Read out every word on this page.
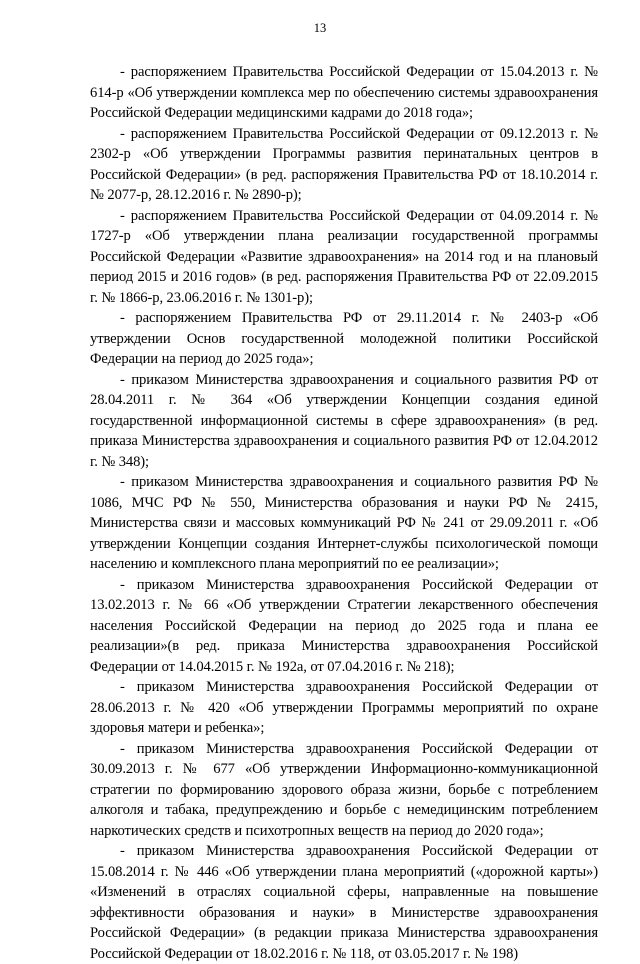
13

- распоряжением Правительства Российской Федерации от 15.04.2013 г. № 614-р «Об утверждении комплекса мер по обеспечению системы здравоохранения Российской Федерации медицинскими кадрами до 2018 года»;

- распоряжением Правительства Российской Федерации от 09.12.2013 г. № 2302-р «Об утверждении Программы развития перинатальных центров в Российской Федерации» (в ред. распоряжения Правительства РФ от 18.10.2014 г. № 2077-р, 28.12.2016 г. № 2890-р);

- распоряжением Правительства Российской Федерации от 04.09.2014 г. № 1727-р «Об утверждении плана реализации государственной программы Российской Федерации «Развитие здравоохранения» на 2014 год и на плановый период 2015 и 2016 годов» (в ред. распоряжения Правительства РФ от 22.09.2015 г. № 1866-р, 23.06.2016 г. № 1301-р);

- распоряжением Правительства РФ от 29.11.2014 г. № 2403-р «Об утверждении Основ государственной молодежной политики Российской Федерации на период до 2025 года»;

- приказом Министерства здравоохранения и социального развития РФ от 28.04.2011 г. № 364 «Об утверждении Концепции создания единой государственной информационной системы в сфере здравоохранения» (в ред. приказа Министерства здравоохранения и социального развития РФ от 12.04.2012 г. № 348);

- приказом Министерства здравоохранения и социального развития РФ № 1086, МЧС РФ № 550, Министерства образования и науки РФ № 2415, Министерства связи и массовых коммуникаций РФ № 241 от 29.09.2011 г. «Об утверждении Концепции создания Интернет-службы психологической помощи населению и комплексного плана мероприятий по ее реализации»;

- приказом Министерства здравоохранения Российской Федерации от 13.02.2013 г. № 66 «Об утверждении Стратегии лекарственного обеспечения населения Российской Федерации на период до 2025 года и плана ее реализации»(в ред. приказа Министерства здравоохранения Российской Федерации от 14.04.2015 г. № 192а, от 07.04.2016 г. № 218);

- приказом Министерства здравоохранения Российской Федерации от 28.06.2013 г. № 420 «Об утверждении Программы мероприятий по охране здоровья матери и ребенка»;

- приказом Министерства здравоохранения Российской Федерации от 30.09.2013 г. № 677 «Об утверждении Информационно-коммуникационной стратегии по формированию здорового образа жизни, борьбе с потреблением алкоголя и табака, предупреждению и борьбе с немедицинским потреблением наркотических средств и психотропных веществ на период до 2020 года»;

- приказом Министерства здравоохранения Российской Федерации от 15.08.2014 г. № 446 «Об утверждении плана мероприятий («дорожной карты») «Изменений в отраслях социальной сферы, направленные на повышение эффективности образования и науки» в Министерстве здравоохранения Российской Федерации» (в редакции приказа Министерства здравоохранения Российской Федерации от 18.02.2016 г. № 118, от 03.05.2017 г. № 198)
